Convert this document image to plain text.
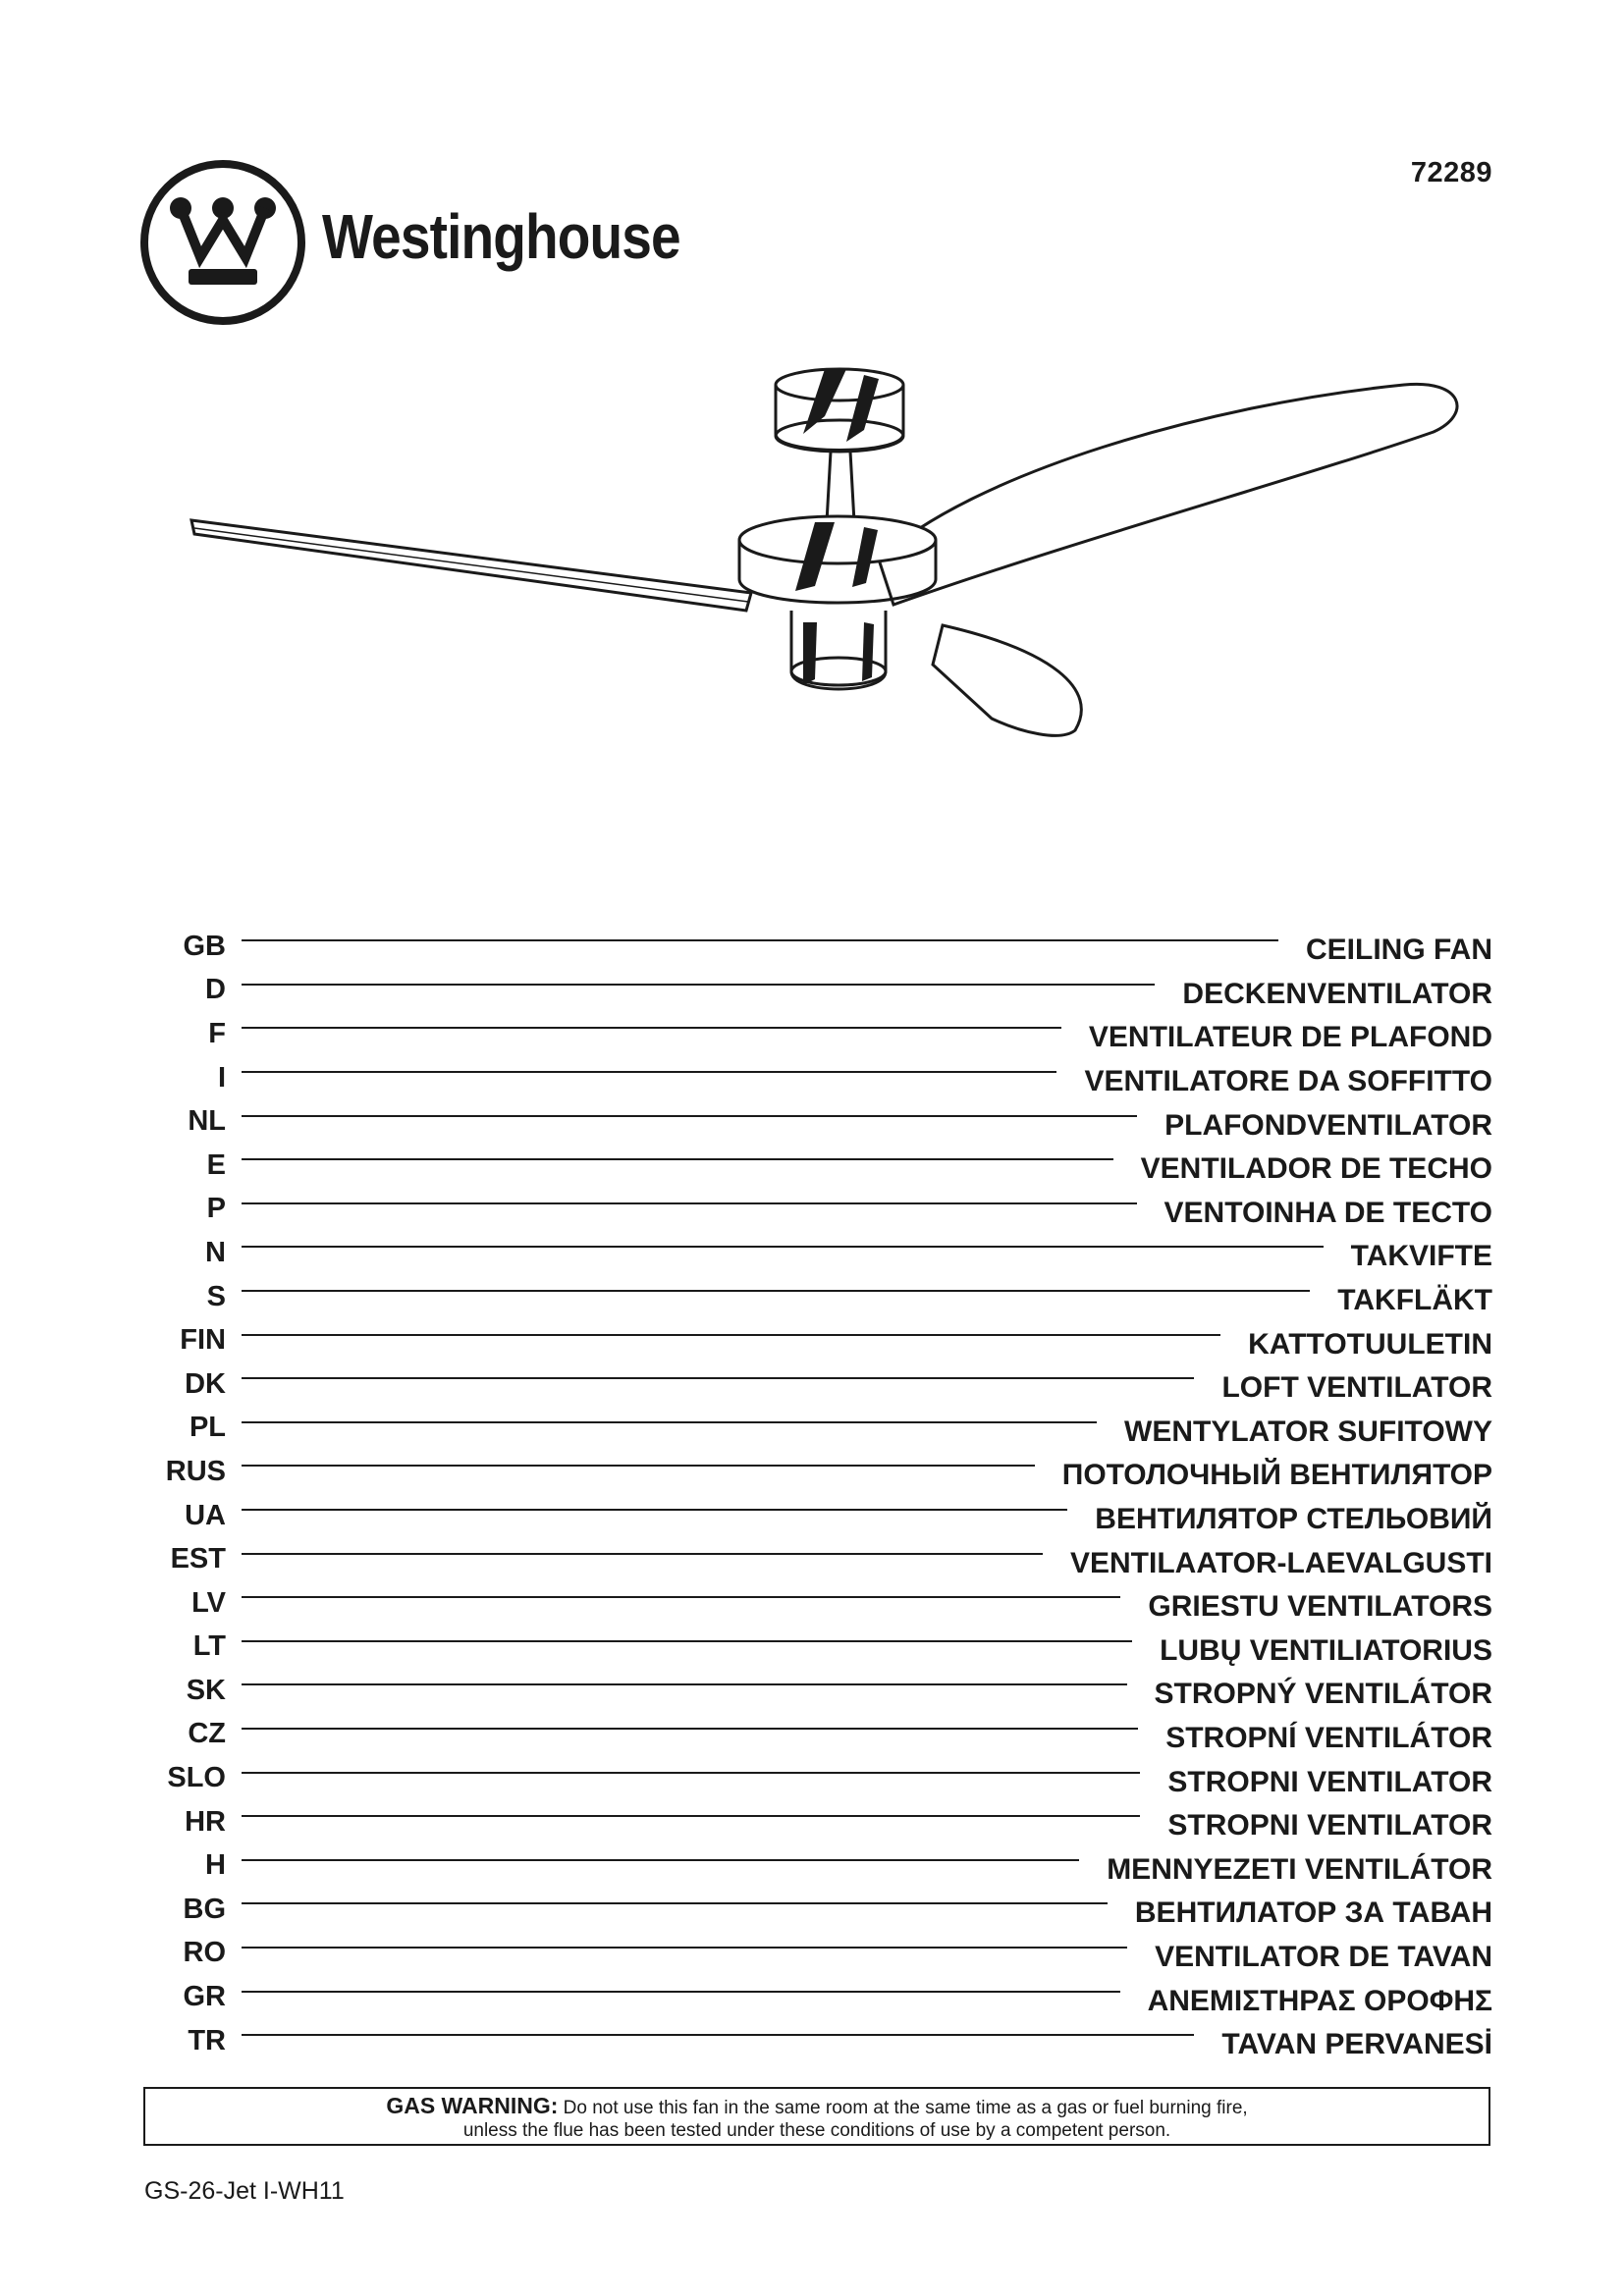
72289
Westinghouse
GB	CEILING FAN
D	DECKENVENTILATOR
F	VENTILATEUR DE PLAFOND
I	VENTILATORE DA SOFFITTO
NL	PLAFONDVENTILATOR
E	VENTILADOR DE TECHO
P	VENTOINHA DE TECTO
N	TAKVIFTE
S	TAKFLÄKT
FIN	KATTOTUULETIN
DK	LOFT VENTILATOR
PL	WENTYLATOR SUFITOWY
RUS	ПОТОЛОЧНЫЙ ВЕНТИЛЯТОР
UA	ВЕНТИЛЯТОР СТЕЛЬОВИЙ
EST	VENTILAATOR-LAEVALGUSTI
LV	GRIESTU VENTILATORS
LT	LUBŲ VENTILIATORIUS
SK	STROPNÝ VENTILÁTOR
CZ	STROPNÍ VENTILÁTOR
SLO	STROPNI VENTILATOR
HR	STROPNI VENTILATOR
H	MENNYEZETI VENTILÁTOR
BG	ВЕНТИЛАТОР ЗА ТАВАН
RO	VENTILATOR DE TAVAN
GR	ΑΝΕΜΙΣΤΗΡΑΣ ΟΡΟΦΗΣ
TR	TAVAN PERVANESİ
GAS WARNING: Do not use this fan in the same room at the same time as a gas or fuel burning fire,
unless the flue has been tested under these conditions of use by a competent person.
GS-26-Jet I-WH11
